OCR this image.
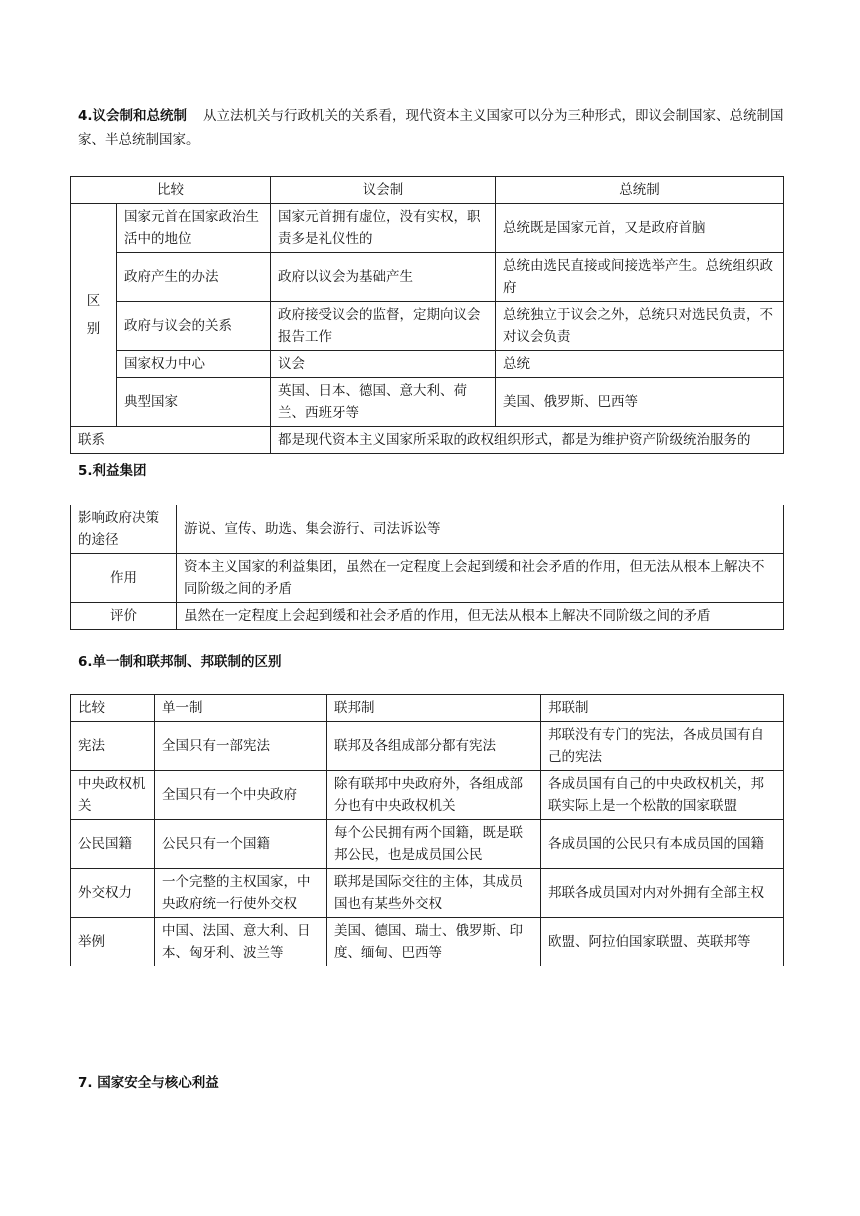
4.议会制和总统制 从立法机关与行政机关的关系看，现代资本主义国家可以分为三种形式，即议会制国家、总统制国家、半总统制国家。
比较		议会制	总统制
区
别	国家元首在国家政治生活中的地位	国家元首拥有虚位，没有实权，职责多是礼仪性的	总统既是国家元首，又是政府首脑
	政府产生的办法	政府以议会为基础产生	总统由选民直接或间接选举产生。总统组织政府
	政府与议会的关系	政府接受议会的监督，定期向议会报告工作	总统独立于议会之外，总统只对选民负责，不对议会负责
	国家权力中心	议会	总统
	典型国家	英国、日本、德国、意大利、荷兰、西班牙等	美国、俄罗斯、巴西等
联系		都是现代资本主义国家所采取的政权组织形式，都是为维护资产阶级统治服务的	
5.利益集团
影响政府决策的途径	游说、宣传、助选、集会游行、司法诉讼等
作用	资本主义国家的利益集团，虽然在一定程度上会起到缓和社会矛盾的作用，但无法从根本上解决不同阶级之间的矛盾
评价	虽然在一定程度上会起到缓和社会矛盾的作用，但无法从根本上解决不同阶级之间的矛盾
6.单一制和联邦制、邦联制的区别
比较	单一制	联邦制	邦联制
宪法	全国只有一部宪法	联邦及各组成部分都有宪法	邦联没有专门的宪法，各成员国有自己的宪法
中央政权机关	全国只有一个中央政府	除有联邦中央政府外，各组成部分也有中央政权机关	各成员国有自己的中央政权机关，邦联实际上是一个松散的国家联盟
公民国籍	公民只有一个国籍	每个公民拥有两个国籍，既是联邦公民，也是成员国公民	各成员国的公民只有本成员国的国籍
外交权力	一个完整的主权国家，中央政府统一行使外交权	联邦是国际交往的主体，其成员国也有某些外交权	邦联各成员国对内对外拥有全部主权
举例	中国、法国、意大利、日本、匈牙利、波兰等	美国、德国、瑞士、俄罗斯、印度、缅甸、巴西等	欧盟、阿拉伯国家联盟、英联邦等
7. 国家安全与核心利益
